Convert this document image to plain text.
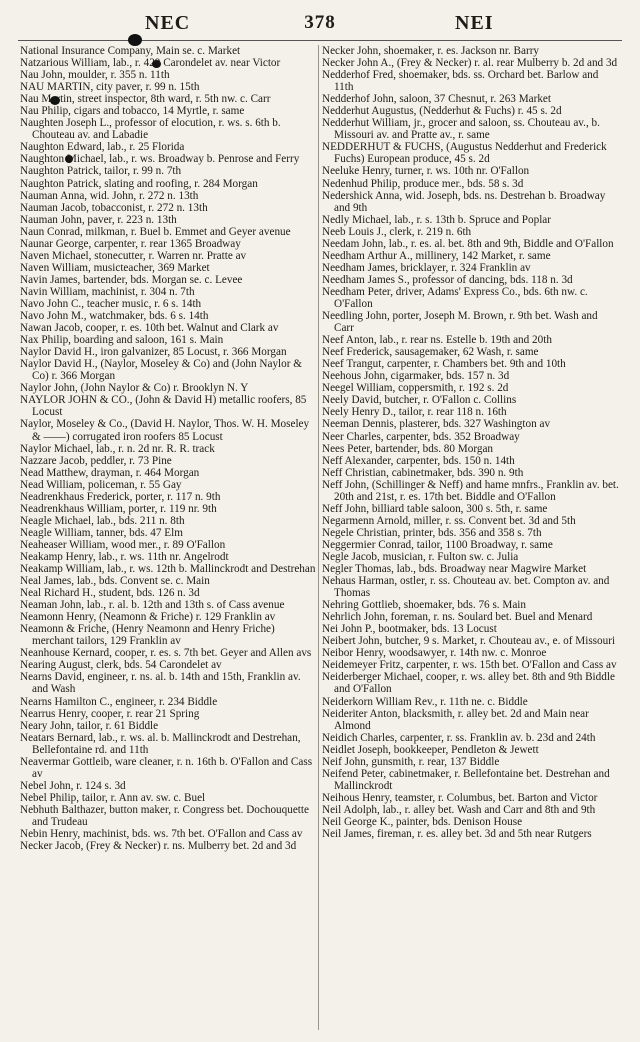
NEC	378	NEI

National Insurance Company, Main se. c. Market

Natzarious William, lab., r. 429 Carondelet av. near Victor

Nau John, moulder, r. 355 n. 11th

NAU MARTIN, city paver, r. 99 n. 15th

Nau Martin, street inspector, 8th ward, r. 5th nw. c. Carr

Nau Philip, cigars and tobacco, 14 Myrtle, r. same

Naughten Joseph L., professor of elocution, r. ws. s. 6th b. Chouteau av. and Labadie

Naughton Edward, lab., r. 25 Florida

Naughton Michael, lab., r. ws. Broadway b. Penrose and Ferry

Naughton Patrick, tailor, r. 99 n. 7th

Naughton Patrick, slating and roofing, r. 284 Morgan

Nauman Anna, wid. John, r. 272 n. 13th

Nauman Jacob, tobacconist, r. 272 n. 13th

Nauman John, paver, r. 223 n. 13th

Naun Conrad, milkman, r. Buel b. Emmet and Geyer avenue

Naunar George, carpenter, r. rear 1365 Broadway

Naven Michael, stonecutter, r. Warren nr. Pratte av

Naven William, musicteacher, 369 Market

Navin James, bartender, bds. Morgan se. c. Levee

Navin William, machinist, r. 304 n. 7th

Navo John C., teacher music, r. 6 s. 14th

Navo John M., watchmaker, bds. 6 s. 14th

Nawan Jacob, cooper, r. es. 10th bet. Walnut and Clark av

Nax Philip, boarding and saloon, 161 s. Main

Naylor David H., iron galvanizer, 85 Locust, r. 366 Morgan

Naylor David H., (Naylor, Moseley & Co) and (John Naylor & Co) r. 366 Morgan

Naylor John, (John Naylor & Co) r. Brooklyn N. Y

NAYLOR JOHN & CO., (John & David H) metallic roofers, 85 Locust

Naylor, Moseley & Co., (David H. Naylor, Thos. W. H. Moseley & ——) corrugated iron roofers 85 Locust

Naylor Michael, lab., r. n. 2d nr. R. R. track

Nazzare Jacob, peddler, r. 73 Pine

Nead Matthew, drayman, r. 464 Morgan

Nead William, policeman, r. 55 Gay

Neadrenkhaus Frederick, porter, r. 117 n. 9th

Neadrenkhaus William, porter, r. 119 nr. 9th

Neagle Michael, lab., bds. 211 n. 8th

Neagle William, tanner, bds. 47 Elm

Neaheaser William, wood mer., r. 89 O'Fallon

Neakamp Henry, lab., r. ws. 11th nr. Angelrodt

Neakamp William, lab., r. ws. 12th b. Mallinckrodt and Destrehan

Neal James, lab., bds. Convent se. c. Main

Neal Richard H., student, bds. 126 n. 3d

Neaman John, lab., r. al. b. 12th and 13th s. of Cass avenue

Neamonn Henry, (Neamonn & Friche) r. 129 Franklin av

Neamonn & Friche, (Henry Neamonn and Henry Friche) merchant tailors, 129 Franklin av

Neanhouse Kernard, cooper, r. es. s. 7th bet. Geyer and Allen avs

Nearing August, clerk, bds. 54 Carondelet av

Nearns David, engineer, r. ns. al. b. 14th and 15th, Franklin av. and Wash

Nearns Hamilton C., engineer, r. 234 Biddle

Nearrus Henry, cooper, r. rear 21 Spring

Neary John, tailor, r. 61 Biddle

Neatars Bernard, lab., r. ws. al. b. Mallinckrodt and Destrehan, Bellefontaine rd. and 11th

Neavermar Gottleib, ware cleaner, r. n. 16th b. O'Fallon and Cass av

Nebel John, r. 124 s. 3d

Nebel Philip, tailor, r. Ann av. sw. c. Buel

Nebhuth Balthazer, button maker, r. Congress bet. Dochouquette and Trudeau

Nebin Henry, machinist, bds. ws. 7th bet. O'Fallon and Cass av

Necker Jacob, (Frey & Necker) r. ns. Mulberry bet. 2d and 3d

Necker John, shoemaker, r. es. Jackson nr. Barry

Necker John A., (Frey & Necker) r. al. rear Mulberry b. 2d and 3d

Nedderhof Fred, shoemaker, bds. ss. Orchard bet. Barlow and 11th

Nedderhof John, saloon, 37 Chesnut, r. 263 Market

Nedderhut Augustus, (Nedderhut & Fuchs) r. 45 s. 2d

Nedderhut William, jr., grocer and saloon, ss. Chouteau av., b. Missouri av. and Pratte av., r. same

NEDDERHUT & FUCHS, (Augustus Nedderhut and Frederick Fuchs) European produce, 45 s. 2d

Neeluke Henry, turner, r. ws. 10th nr. O'Fallon

Nedenhud Philip, produce mer., bds. 58 s. 3d

Nedershick Anna, wid. Joseph, bds. ns. Destrehan b. Broadway and 9th

Nedly Michael, lab., r. s. 13th b. Spruce and Poplar

Neeb Louis J., clerk, r. 219 n. 6th

Needam John, lab., r. es. al. bet. 8th and 9th, Biddle and O'Fallon

Needham Arthur A., millinery, 142 Market, r. same

Needham James, bricklayer, r. 324 Franklin av

Needham James S., professor of dancing, bds. 118 n. 3d

Needham Peter, driver, Adams' Express Co., bds. 6th nw. c. O'Fallon

Needling John, porter, Joseph M. Brown, r. 9th bet. Wash and Carr

Neef Anton, lab., r. rear ns. Estelle b. 19th and 20th

Neef Frederick, sausagemaker, 62 Wash, r. same

Neef Trangut, carpenter, r. Chambers bet. 9th and 10th

Neehous John, cigarmaker, bds. 157 n. 3d

Neegel William, coppersmith, r. 192 s. 2d

Neely David, butcher, r. O'Fallon c. Collins

Neely Henry D., tailor, r. rear 118 n. 16th

Neeman Dennis, plasterer, bds. 327 Washington av

Neer Charles, carpenter, bds. 352 Broadway

Nees Peter, bartender, bds. 80 Morgan

Neff Alexander, carpenter, bds. 150 n. 14th

Neff Christian, cabinetmaker, bds. 390 n. 9th

Neff John, (Schillinger & Neff) and hame mnfrs., Franklin av. bet. 20th and 21st, r. es. 17th bet. Biddle and O'Fallon

Neff John, billiard table saloon, 300 s. 5th, r. same

Negarmenn Arnold, miller, r. ss. Convent bet. 3d and 5th

Negele Christian, printer, bds. 356 and 358 s. 7th

Neggermier Conrad, tailor, 1100 Broadway, r. same

Negle Jacob, musician, r. Fulton sw. c. Julia

Negler Thomas, lab., bds. Broadway near Magwire Market

Nehaus Harman, ostler, r. ss. Chouteau av. bet. Compton av. and Thomas

Nehring Gottlieb, shoemaker, bds. 76 s. Main

Nehrlich John, foreman, r. ns. Soulard bet. Buel and Menard

Nei John P., bootmaker, bds. 13 Locust

Neibert John, butcher, 9 s. Market, r. Chouteau av., e. of Missouri

Neibor Henry, woodsawyer, r. 14th nw. c. Monroe

Neidemeyer Fritz, carpenter, r. ws. 15th bet. O'Fallon and Cass av

Neiderberger Michael, cooper, r. ws. alley bet. 8th and 9th Biddle and O'Fallon

Neiderkorn William Rev., r. 11th ne. c. Biddle

Neideriter Anton, blacksmith, r. alley bet. 2d and Main near Almond

Neidich Charles, carpenter, r. ss. Franklin av. b. 23d and 24th

Neidlet Joseph, bookkeeper, Pendleton & Jewett

Neif John, gunsmith, r. rear, 137 Biddle

Neifend Peter, cabinetmaker, r. Bellefontaine bet. Destrehan and Mallinckrodt

Neihous Henry, teamster, r. Columbus, bet. Barton and Victor

Neil Adolph, lab., r. alley bet. Wash and Carr and 8th and 9th

Neil George K., painter, bds. Denison House

Neil James, fireman, r. es. alley bet. 3d and 5th near Rutgers
